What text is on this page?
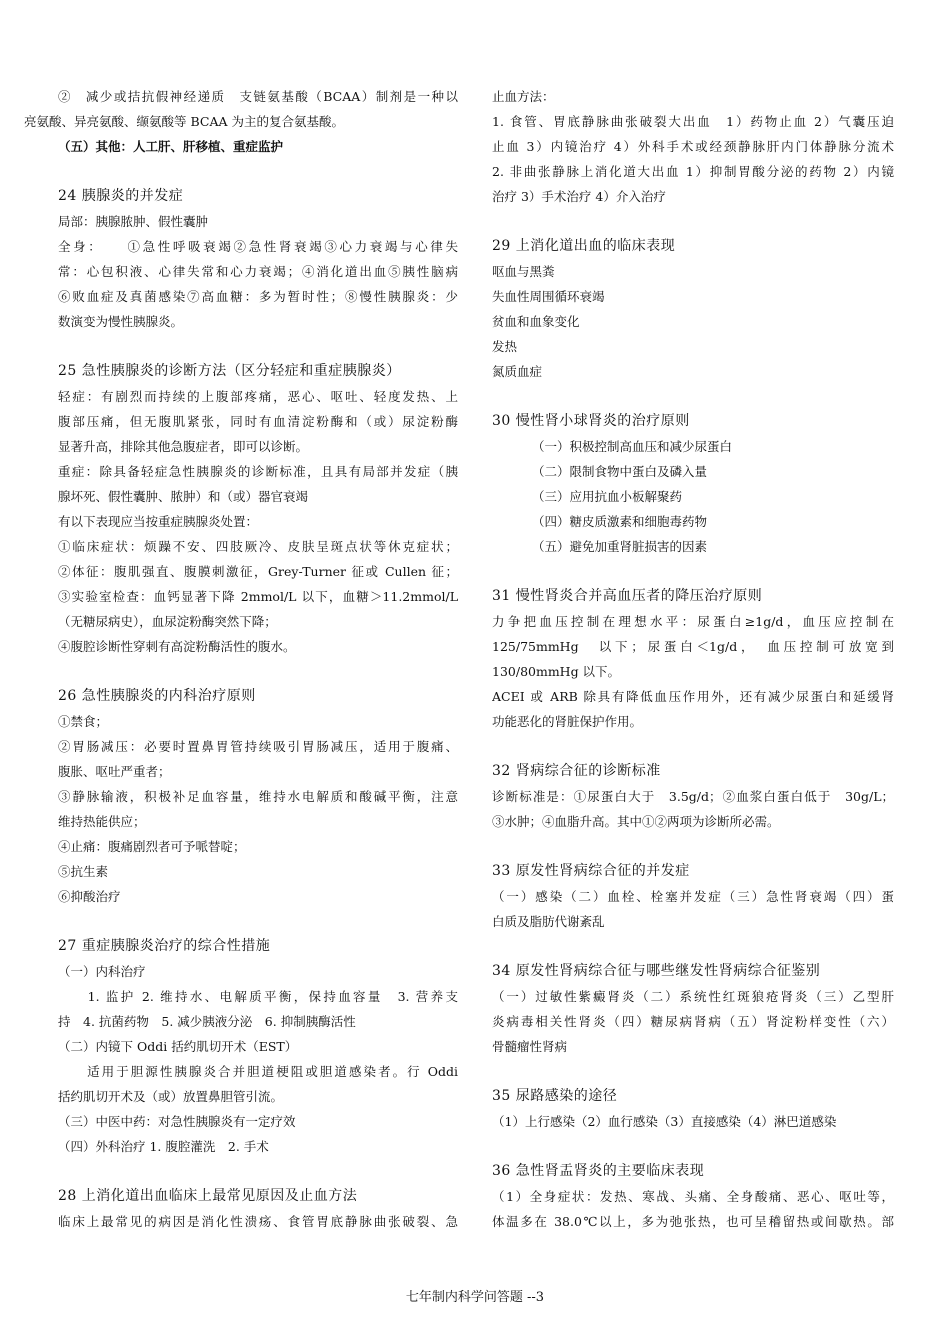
②　减少或拮抗假神经递质　支链氨基酸（BCAA）制剂是一种以
亮氨酸、异亮氨酸、缬氨酸等 BCAA 为主的复合氨基酸。
（五）其他：人工肝、肝移植、重症监护
24 胰腺炎的并发症
局部：胰腺脓肿、假性囊肿
全身：　　①急性呼吸衰竭②急性肾衰竭③心力衰竭与心律失
常：心包积液、心律失常和心力衰竭；④消化道出血⑤胰性脑病
⑥败血症及真菌感染⑦高血糖：多为暂时性；⑧慢性胰腺炎：少
数演变为慢性胰腺炎。
25 急性胰腺炎的诊断方法（区分轻症和重症胰腺炎）
轻症：有剧烈而持续的上腹部疼痛，恶心、呕吐、轻度发热、上
腹部压痛，但无腹肌紧张，同时有血清淀粉酶和（或）尿淀粉酶
显著升高，排除其他急腹症者，即可以诊断。
重症：除具备轻症急性胰腺炎的诊断标准，且具有局部并发症（胰
腺坏死、假性囊肿、脓肿）和（或）器官衰竭
有以下表现应当按重症胰腺炎处置：
①临床症状：烦躁不安、四肢厥冷、皮肤呈斑点状等休克症状；
②体征：腹肌强直、腹膜刺激征，Grey-Turner 征或 Cullen 征；
③实验室检查：血钙显著下降 2mmol/L 以下，血糖＞11.2mmol/L
（无糖尿病史），血尿淀粉酶突然下降；
④腹腔诊断性穿刺有高淀粉酶活性的腹水。
26 急性胰腺炎的内科治疗原则
①禁食；
②胃肠减压：必要时置鼻胃管持续吸引胃肠减压，适用于腹痛、
腹胀、呕吐严重者；
③静脉输液，积极补足血容量，维持水电解质和酸碱平衡，注意
维持热能供应；
④止痛：腹痛剧烈者可予哌替啶；
⑤抗生素
⑥抑酸治疗
27 重症胰腺炎治疗的综合性措施
（一）内科治疗
　　1. 监护 2. 维持水、电解质平衡，保持血容量　3. 营养支
持　4. 抗菌药物　5. 减少胰液分泌　6. 抑制胰酶活性
（二）内镜下 Oddi 括约肌切开术（EST）
　　适用于胆源性胰腺炎合并胆道梗阻或胆道感染者。行 Oddi
括约肌切开术及（或）放置鼻胆管引流。
（三）中医中药：对急性胰腺炎有一定疗效
（四）外科治疗 1. 腹腔灌洗　2. 手术
28 上消化道出血临床上最常见原因及止血方法
临床上最常见的病因是消化性溃疡、食管胃底静脉曲张破裂、急
止血方法：
1. 食管、胃底静脉曲张破裂大出血　1）药物止血 2）气囊压迫
止血 3）内镜治疗 4）外科手术或经颈静脉肝内门体静脉分流术
2. 非曲张静脉上消化道大出血 1）抑制胃酸分泌的药物 2）内镜
治疗 3）手术治疗 4）介入治疗
29 上消化道出血的临床表现
呕血与黑粪
失血性周围循环衰竭
贫血和血象变化
发热
氮质血症
30 慢性肾小球肾炎的治疗原则
（一）积极控制高血压和减少尿蛋白
（二）限制食物中蛋白及磷入量
（三）应用抗血小板解聚药
（四）糖皮质激素和细胞毒药物
（五）避免加重肾脏损害的因素
31 慢性肾炎合并高血压者的降压治疗原则
力争把血压控制在理想水平：尿蛋白≥1g/d，血压应控制在
125/75mmHg　以下；尿蛋白＜1g/d，　血压控制可放宽到
130/80mmHg 以下。
ACEI 或 ARB 除具有降低血压作用外，还有减少尿蛋白和延缓肾
功能恶化的肾脏保护作用。
32 肾病综合征的诊断标准
诊断标准是：①尿蛋白大于　3.5g/d；②血浆白蛋白低于　30g/L；
③水肿；④血脂升高。其中①②两项为诊断所必需。
33 原发性肾病综合征的并发症
（一）感染（二）血栓、栓塞并发症（三）急性肾衰竭（四）蛋
白质及脂肪代谢紊乱
34 原发性肾病综合征与哪些继发性肾病综合征鉴别
（一）过敏性紫癜肾炎（二）系统性红斑狼疮肾炎（三）乙型肝
炎病毒相关性肾炎（四）糖尿病肾病（五）肾淀粉样变性（六）
骨髓瘤性肾病
35 尿路感染的途径
（1）上行感染（2）血行感染（3）直接感染（4）淋巴道感染
36 急性肾盂肾炎的主要临床表现
（1）全身症状：发热、寒战、头痛、全身酸痛、恶心、呕吐等，
体温多在 38.0℃以上，多为弛张热，也可呈稽留热或间歇热。部
七年制内科学问答题 --3
